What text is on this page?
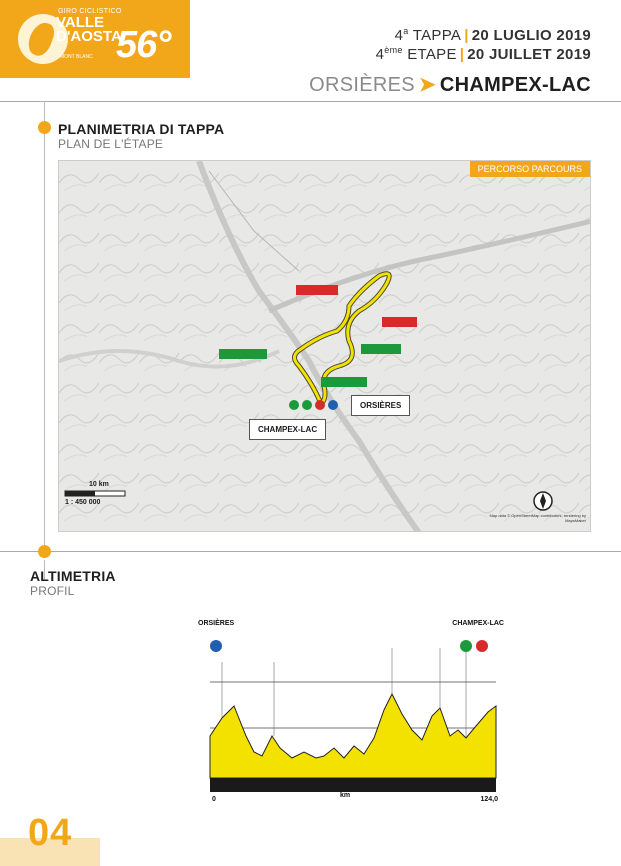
GIRO CICLISTICO
VALLE D'AOSTA
MONT BLANC 56°	4$^a$ TAPPA | 20 LUGLIO 2019
4ème ETAPE | 20 JUILLET 2019
ORSIÈRES ➤ CHAMPEX-LAC
PLANIMETRIA DI TAPPA
PLAN DE L'ÉTAPE
PERCORSO PARCOURS
ORSIÈRES
CHAMPEX-LAC
10 km
1 : 450 000
Map data © OpenStreetMap contributors, rendering by MapsMaker
ALTIMETRIA
PROFIL
ORSIÈRES	CHAMPEX-LAC
0
km
124,0
04
